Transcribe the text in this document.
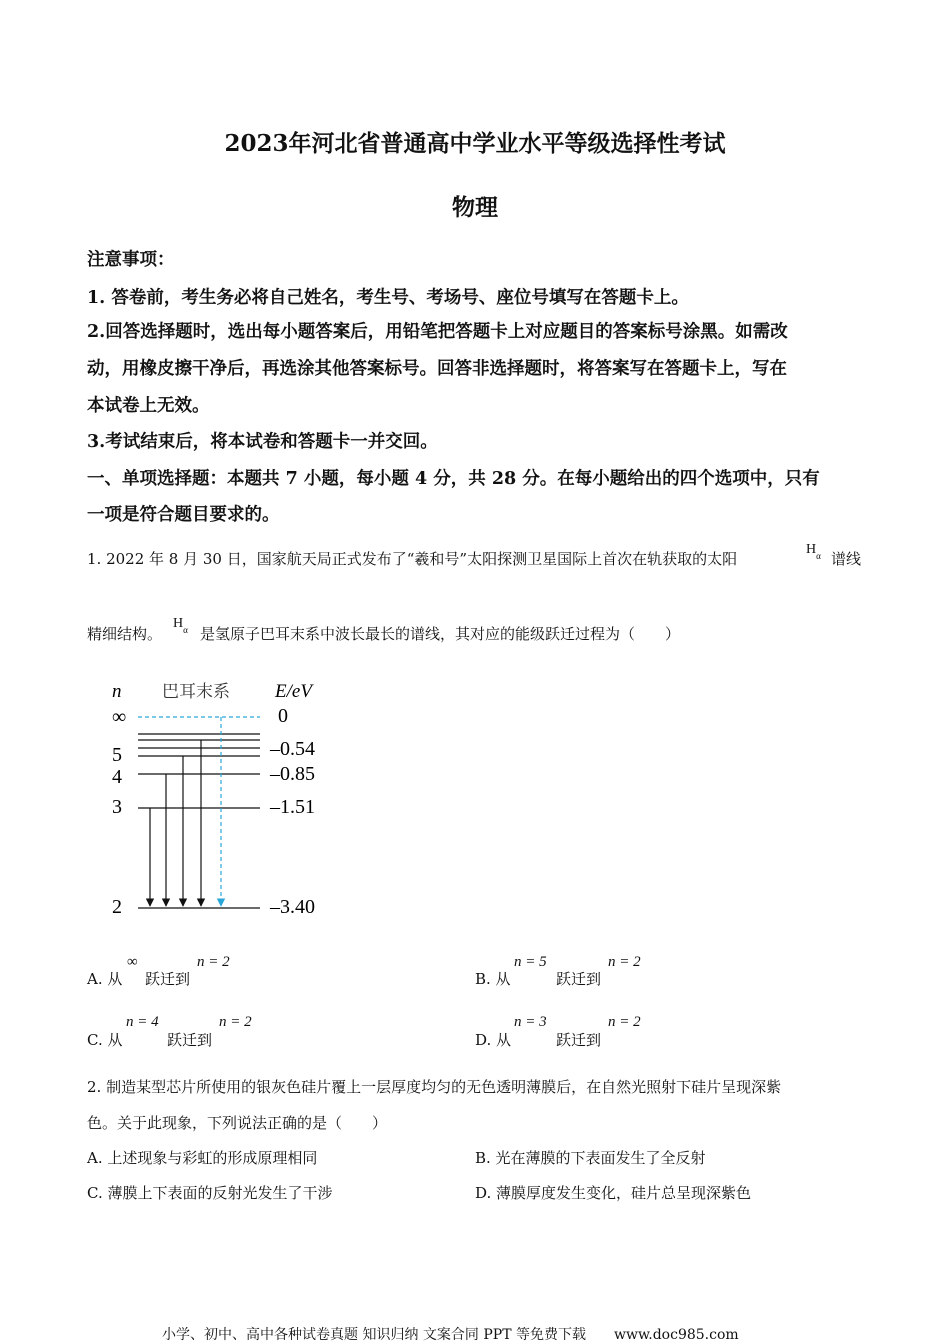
2023年河北省普通高中学业水平等级选择性考试
物理
注意事项：
1. 答卷前，考生务必将自己姓名，考生号、考场号、座位号填写在答题卡上。
2.回答选择题时，选出每小题答案后，用铅笔把答题卡上对应题目的答案标号涂黑。如需改
动，用橡皮擦干净后，再选涂其他答案标号。回答非选择题时，将答案写在答题卡上，写在
本试卷上无效。
3.考试结束后，将本试卷和答题卡一并交回。
一、单项选择题：本题共 7 小题，每小题 4 分，共 28 分。在每小题给出的四个选项中，只有
一项是符合题目要求的。
1. 2022 年 8 月 30 日，国家航天局正式发布了“羲和号”太阳探测卫星国际上首次在轨获取的太阳
$H_\alpha$ 谱线
精细结构。
$H_\alpha$ 是氢原子巴耳末系中波长最长的谱线，其对应的能级跃迁过程为（　　）
n 巴耳末系 E/eV
∞
5
4
3
2
0
–0.54
–0.85
–1.51
–3.40
A. 从
∞
跃迁到
n = 2
B. 从
n = 5
跃迁到
n = 2
C. 从
n = 4
跃迁到
n = 2
D. 从
n = 3
跃迁到
n = 2
2. 制造某型芯片所使用的银灰色硅片覆上一层厚度均匀的无色透明薄膜后，在自然光照射下硅片呈现深紫
色。关于此现象，下列说法正确的是（　　）
A. 上述现象与彩虹的形成原理相同	B. 光在薄膜的下表面发生了全反射
C. 薄膜上下表面的反射光发生了干涉	D. 薄膜厚度发生变化，硅片总呈现深紫色
小学、初中、高中各种试卷真题 知识归纳 文案合同 PPT 等免费下载　　www.doc985.com
